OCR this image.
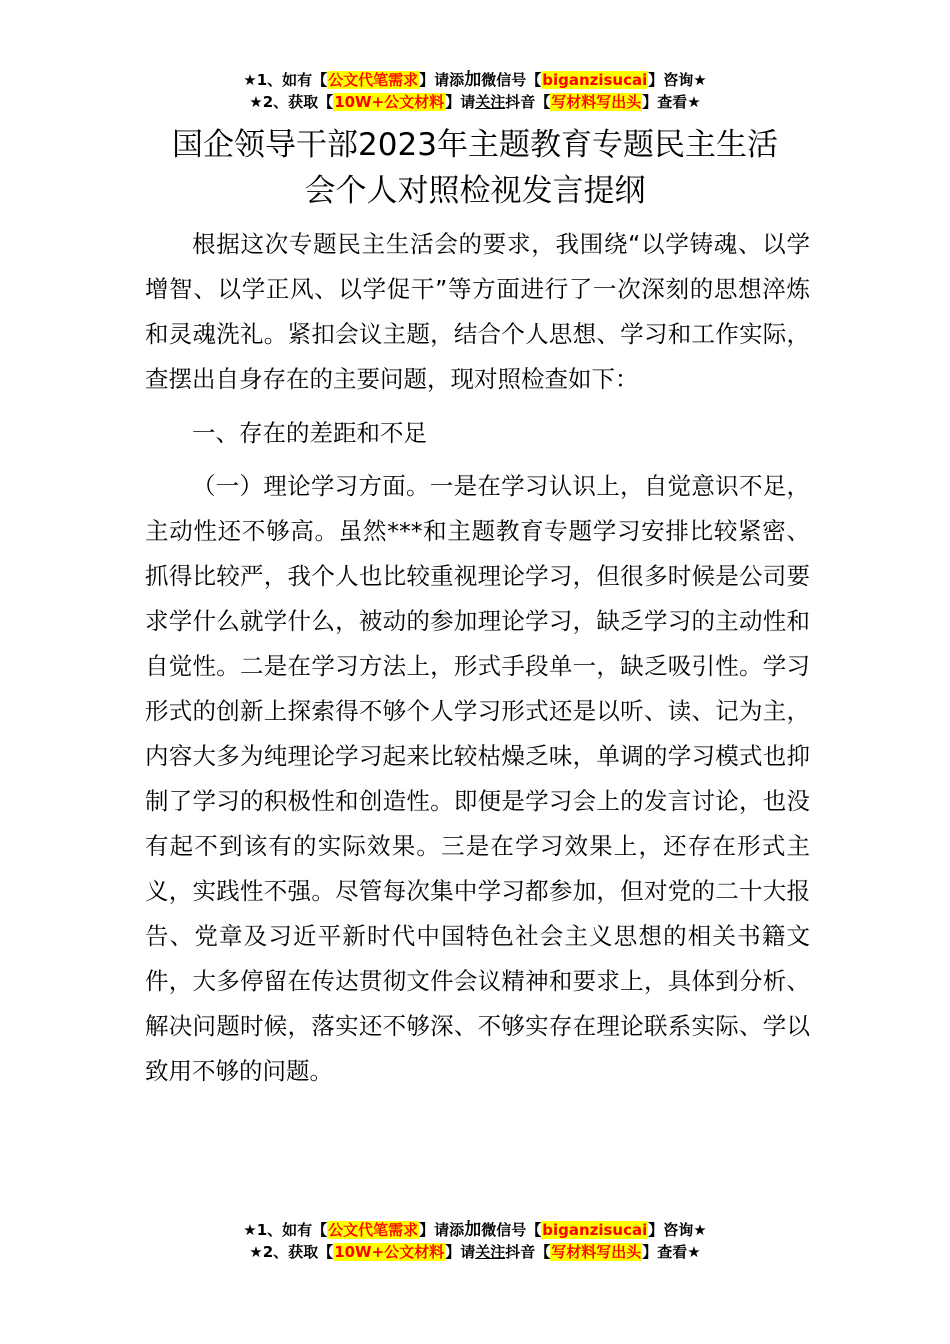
★1、如有【公文代笔需求】请添加微信号【biganzisucai】咨询★
★2、获取【10W+公文材料】请关注抖音【写材料写出头】查看★
国企领导干部2023年主题教育专题民主生活
会个人对照检视发言提纲

根据这次专题民主生活会的要求，我围绕“以学铸魂、以学增智、以学正风、以学促干”等方面进行了一次深刻的思想淬炼和灵魂洗礼。紧扣会议主题，结合个人思想、学习和工作实际，查摆出自身存在的主要问题，现对照检查如下：

一、存在的差距和不足

（一）理论学习方面。一是在学习认识上，自觉意识不足，主动性还不够高。虽然***和主题教育专题学习安排比较紧密、抓得比较严，我个人也比较重视理论学习，但很多时候是公司要求学什么就学什么，被动的参加理论学习，缺乏学习的主动性和自觉性。二是在学习方法上，形式手段单一，缺乏吸引性。学习形式的创新上探索得不够个人学习形式还是以听、读、记为主，内容大多为纯理论学习起来比较枯燥乏味，单调的学习模式也抑制了学习的积极性和创造性。即便是学习会上的发言讨论，也没有起不到该有的实际效果。三是在学习效果上，还存在形式主义，实践性不强。尽管每次集中学习都参加，但对党的二十大报告、党章及习近平新时代中国特色社会主义思想的相关书籍文件，大多停留在传达贯彻文件会议精神和要求上，具体到分析、解决问题时候，落实还不够深、不够实存在理论联系实际、学以致用不够的问题。

★1、如有【公文代笔需求】请添加微信号【biganzisucai】咨询★
★2、获取【10W+公文材料】请关注抖音【写材料写出头】查看★
